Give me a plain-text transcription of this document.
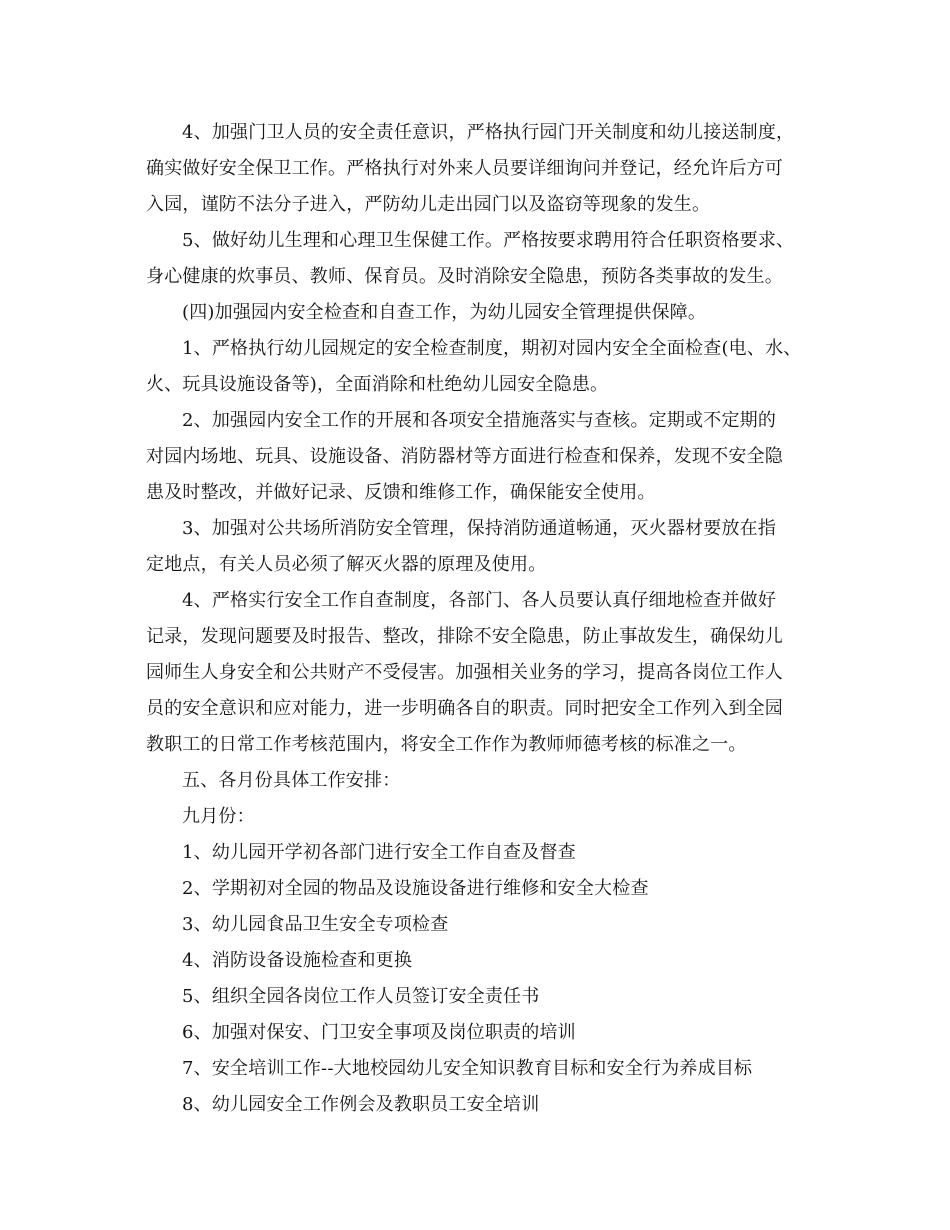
4、加强门卫人员的安全责任意识，严格执行园门开关制度和幼儿接送制度，
确实做好安全保卫工作。严格执行对外来人员要详细询问并登记，经允许后方可
入园，谨防不法分子进入，严防幼儿走出园门以及盗窃等现象的发生。
5、做好幼儿生理和心理卫生保健工作。严格按要求聘用符合任职资格要求、
身心健康的炊事员、教师、保育员。及时消除安全隐患，预防各类事故的发生。
(四)加强园内安全检查和自查工作，为幼儿园安全管理提供保障。
1、严格执行幼儿园规定的安全检查制度，期初对园内安全全面检查(电、水、
火、玩具设施设备等)，全面消除和杜绝幼儿园安全隐患。
2、加强园内安全工作的开展和各项安全措施落实与查核。定期或不定期的
对园内场地、玩具、设施设备、消防器材等方面进行检查和保养，发现不安全隐
患及时整改，并做好记录、反馈和维修工作，确保能安全使用。
3、加强对公共场所消防安全管理，保持消防通道畅通，灭火器材要放在指
定地点，有关人员必须了解灭火器的原理及使用。
4、严格实行安全工作自查制度，各部门、各人员要认真仔细地检查并做好
记录，发现问题要及时报告、整改，排除不安全隐患，防止事故发生，确保幼儿
园师生人身安全和公共财产不受侵害。加强相关业务的学习，提高各岗位工作人
员的安全意识和应对能力，进一步明确各自的职责。同时把安全工作列入到全园
教职工的日常工作考核范围内，将安全工作作为教师师德考核的标准之一。
五、各月份具体工作安排：
九月份：
1、幼儿园开学初各部门进行安全工作自查及督查
2、学期初对全园的物品及设施设备进行维修和安全大检查
3、幼儿园食品卫生安全专项检查
4、消防设备设施检查和更换
5、组织全园各岗位工作人员签订安全责任书
6、加强对保安、门卫安全事项及岗位职责的培训
7、安全培训工作--大地校园幼儿安全知识教育目标和安全行为养成目标
8、幼儿园安全工作例会及教职员工安全培训
